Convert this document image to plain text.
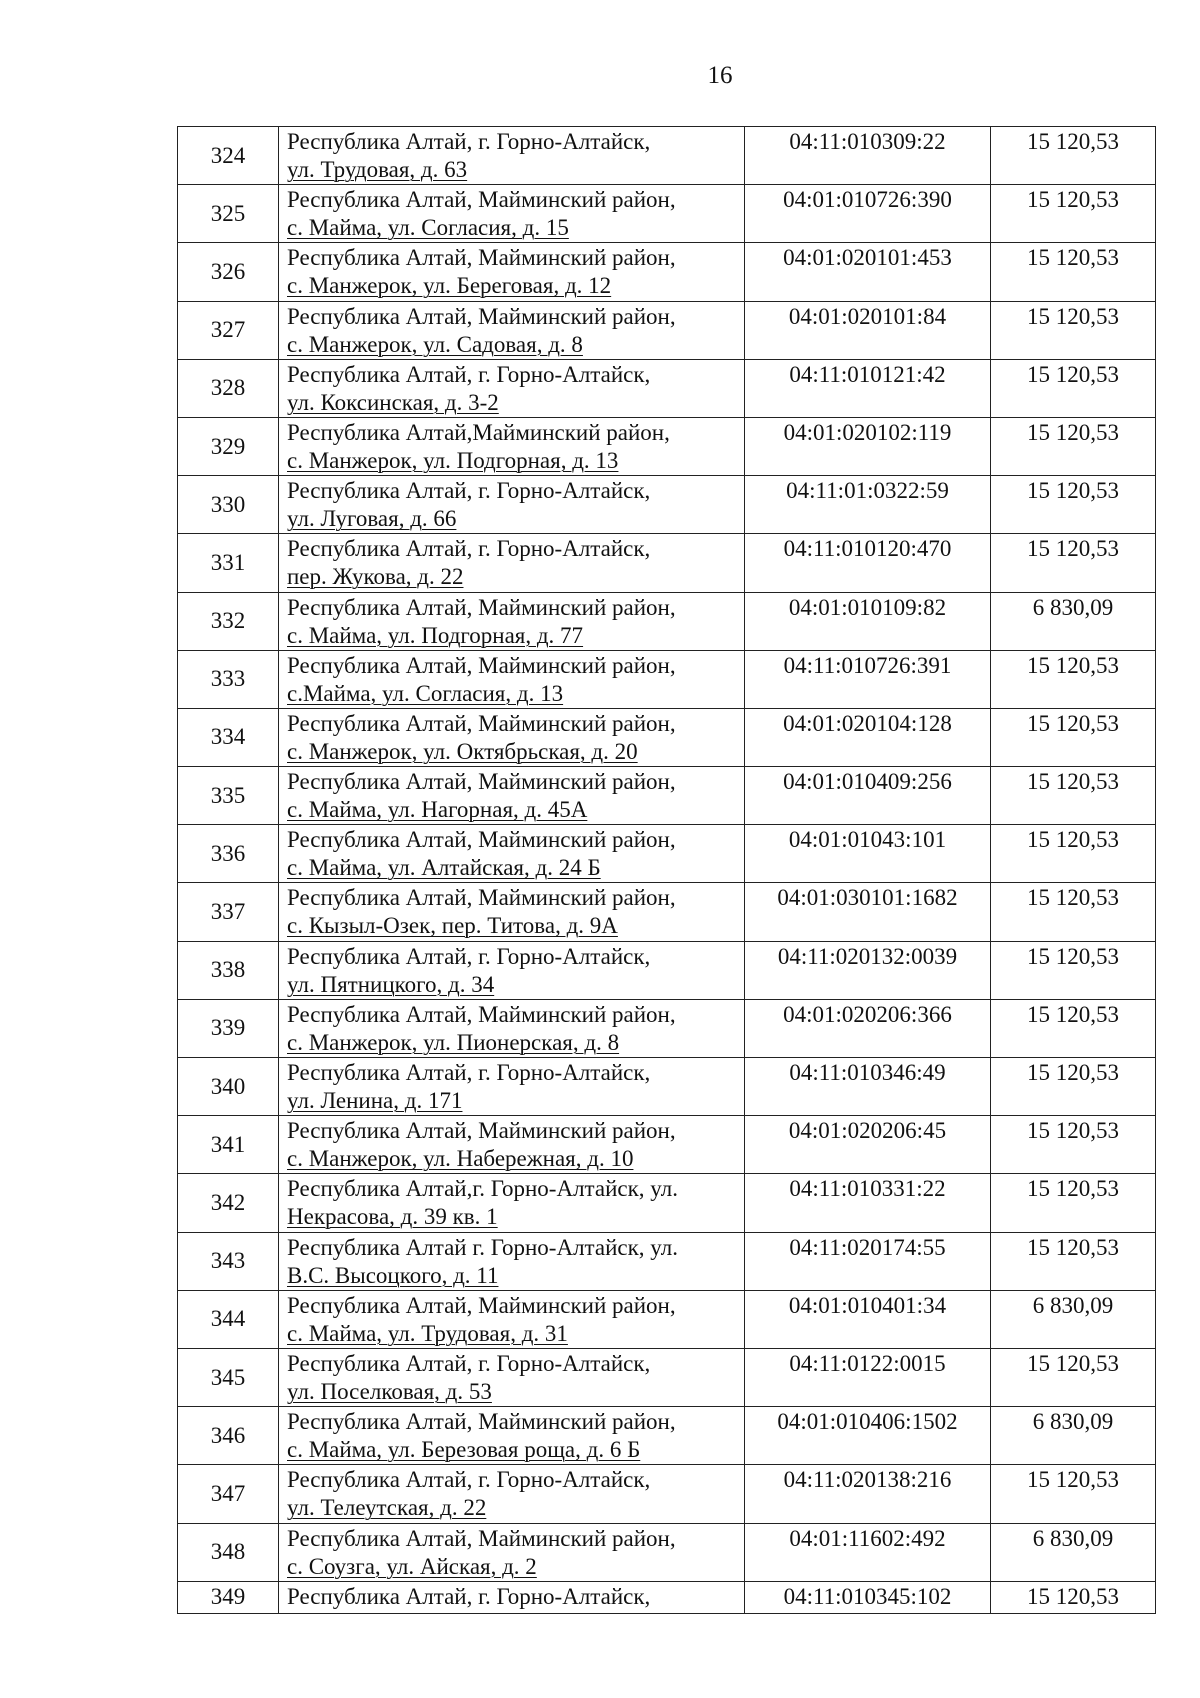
16
324	Республика Алтай, г. Горно-Алтайск,
ул. Трудовая, д. 63	04:11:010309:22	15 120,53
325	Республика Алтай, Майминский район,
с. Майма, ул. Согласия, д. 15	04:01:010726:390	15 120,53
326	Республика Алтай, Майминский район,
с. Манжерок, ул. Береговая, д. 12	04:01:020101:453	15 120,53
327	Республика Алтай, Майминский район,
с. Манжерок, ул. Садовая, д. 8	04:01:020101:84	15 120,53
328	Республика Алтай, г. Горно-Алтайск,
ул. Коксинская, д. 3-2	04:11:010121:42	15 120,53
329	Республика Алтай,Майминский район,
с. Манжерок, ул. Подгорная, д. 13	04:01:020102:119	15 120,53
330	Республика Алтай, г. Горно-Алтайск,
ул. Луговая, д. 66	04:11:01:0322:59	15 120,53
331	Республика Алтай, г. Горно-Алтайск,
пер. Жукова, д. 22	04:11:010120:470	15 120,53
332	Республика Алтай, Майминский район,
с. Майма, ул. Подгорная, д. 77	04:01:010109:82	6 830,09
333	Республика Алтай, Майминский район,
с.Майма, ул. Согласия, д. 13	04:11:010726:391	15 120,53
334	Республика Алтай, Майминский район,
с. Манжерок, ул. Октябрьская, д. 20	04:01:020104:128	15 120,53
335	Республика Алтай, Майминский район,
с. Майма, ул. Нагорная, д. 45А	04:01:010409:256	15 120,53
336	Республика Алтай, Майминский район,
с. Майма, ул. Алтайская, д. 24 Б	04:01:01043:101	15 120,53
337	Республика Алтай, Майминский район,
с. Кызыл-Озек, пер. Титова, д. 9А	04:01:030101:1682	15 120,53
338	Республика Алтай, г. Горно-Алтайск,
ул. Пятницкого, д. 34	04:11:020132:0039	15 120,53
339	Республика Алтай, Майминский район,
с. Манжерок, ул. Пионерская, д. 8	04:01:020206:366	15 120,53
340	Республика Алтай, г. Горно-Алтайск,
ул. Ленина, д. 171	04:11:010346:49	15 120,53
341	Республика Алтай, Майминский район,
с. Манжерок, ул. Набережная, д. 10	04:01:020206:45	15 120,53
342	Республика Алтай,г. Горно-Алтайск, ул.
Некрасова, д. 39 кв. 1	04:11:010331:22	15 120,53
343	Республика Алтай г. Горно-Алтайск, ул.
В.С. Высоцкого, д. 11	04:11:020174:55	15 120,53
344	Республика Алтай, Майминский район,
с. Майма, ул. Трудовая, д. 31	04:01:010401:34	6 830,09
345	Республика Алтай, г. Горно-Алтайск,
ул. Поселковая, д. 53	04:11:0122:0015	15 120,53
346	Республика Алтай, Майминский район,
с. Майма, ул. Березовая роща, д. 6 Б	04:01:010406:1502	6 830,09
347	Республика Алтай, г. Горно-Алтайск,
ул. Телеутская, д. 22	04:11:020138:216	15 120,53
348	Республика Алтай, Майминский район,
с. Соузга, ул. Айская, д. 2	04:01:11602:492	6 830,09
349	Республика Алтай, г. Горно-Алтайск,	04:11:010345:102	15 120,53
